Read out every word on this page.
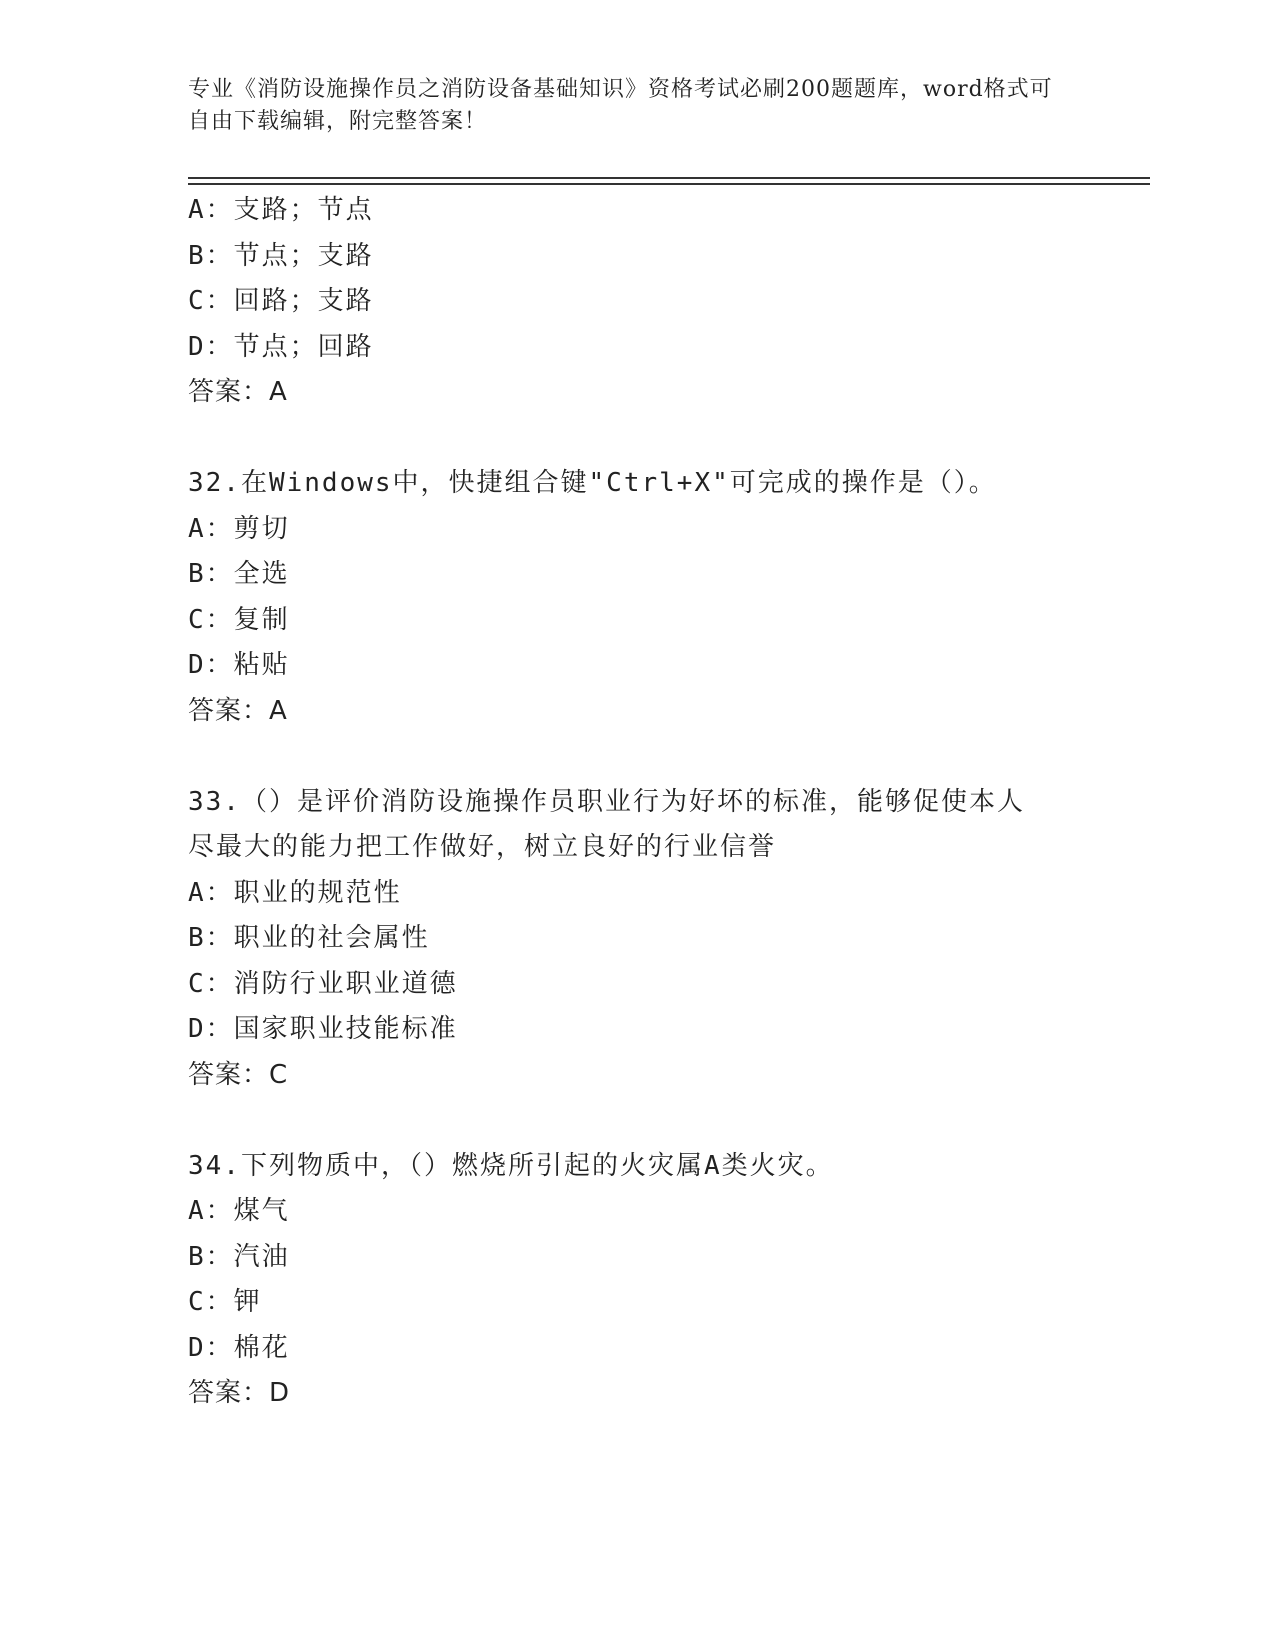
专业《消防设施操作员之消防设备基础知识》资格考试必刷200题题库，word格式可自由下载编辑，附完整答案！
A：支路；节点
B：节点；支路
C：回路；支路
D：节点；回路
答案：A
32.在Windows中，快捷组合键"Ctrl+X"可完成的操作是（）。
A：剪切
B：全选
C：复制
D：粘贴
答案：A
33.（）是评价消防设施操作员职业行为好坏的标准，能够促使本人尽最大的能力把工作做好，树立良好的行业信誉
A：职业的规范性
B：职业的社会属性
C：消防行业职业道德
D：国家职业技能标准
答案：C
34.下列物质中，（）燃烧所引起的火灾属A类火灾。
A：煤气
B：汽油
C：钾
D：棉花
答案：D
